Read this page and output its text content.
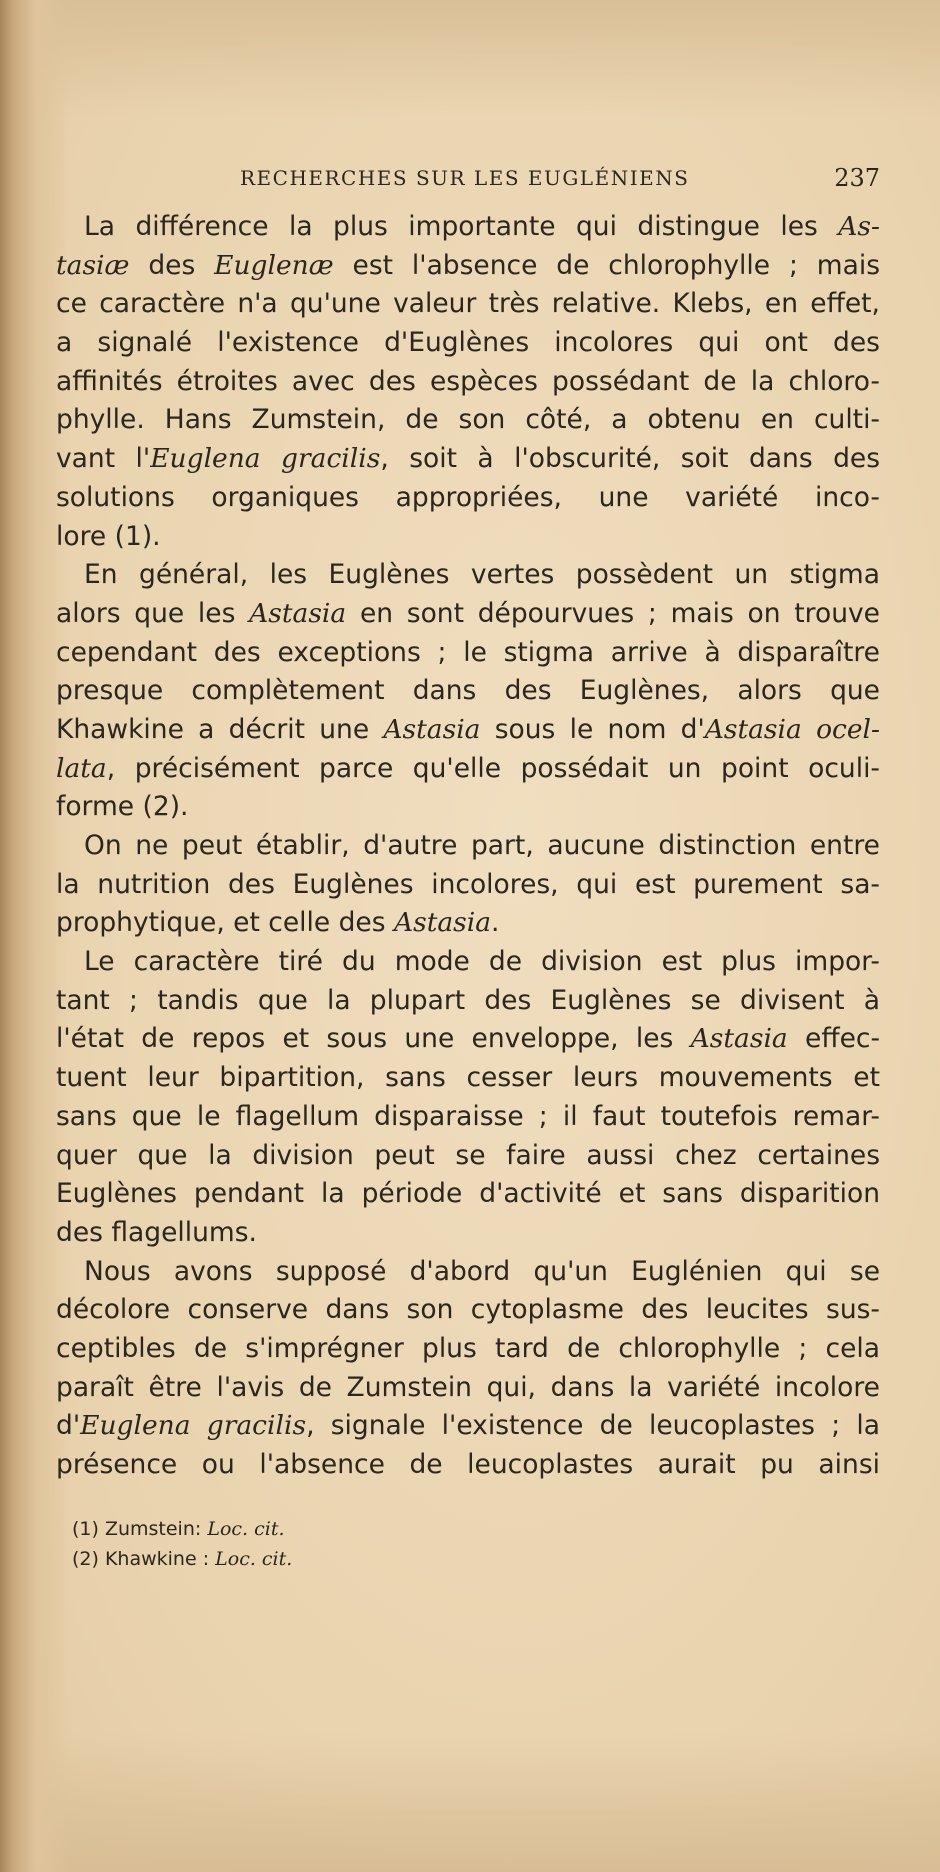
RECHERCHES SUR LES EUGLÉNIENS	237
La différence la plus importante qui distingue les As-
tasiæ des Euglenæ est l'absence de chlorophylle ; mais
ce caractère n'a qu'une valeur très relative. Klebs, en effet,
a signalé l'existence d'Euglènes incolores qui ont des
affinités étroites avec des espèces possédant de la chloro-
phylle. Hans Zumstein, de son côté, a obtenu en culti-
vant l'Euglena gracilis, soit à l'obscurité, soit dans des
solutions organiques appropriées, une variété inco-
lore (1).
En général, les Euglènes vertes possèdent un stigma
alors que les Astasia en sont dépourvues ; mais on trouve
cependant des exceptions ; le stigma arrive à disparaître
presque complètement dans des Euglènes, alors que
Khawkine a décrit une Astasia sous le nom d'Astasia ocel-
lata, précisément parce qu'elle possédait un point oculi-
forme (2).
On ne peut établir, d'autre part, aucune distinction entre
la nutrition des Euglènes incolores, qui est purement sa-
prophytique, et celle des Astasia.
Le caractère tiré du mode de division est plus impor-
tant ; tandis que la plupart des Euglènes se divisent à
l'état de repos et sous une enveloppe, les Astasia effec-
tuent leur bipartition, sans cesser leurs mouvements et
sans que le flagellum disparaisse ; il faut toutefois remar-
quer que la division peut se faire aussi chez certaines
Euglènes pendant la période d'activité et sans disparition
des flagellums.
Nous avons supposé d'abord qu'un Euglénien qui se
décolore conserve dans son cytoplasme des leucites sus-
ceptibles de s'imprégner plus tard de chlorophylle ; cela
paraît être l'avis de Zumstein qui, dans la variété incolore
d'Euglena gracilis, signale l'existence de leucoplastes ; la
présence ou l'absence de leucoplastes aurait pu ainsi
(1) Zumstein: Loc. cit.
(2) Khawkine : Loc. cit.
